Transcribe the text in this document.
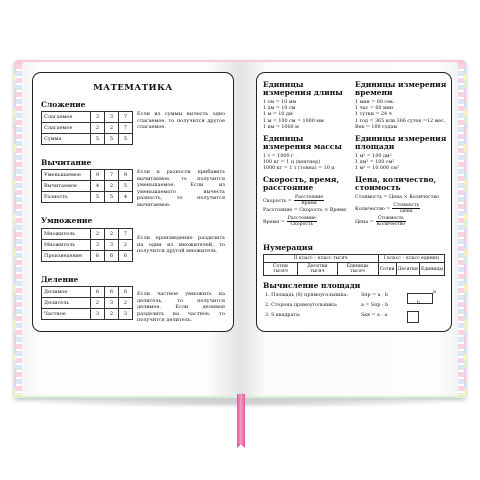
МАТЕМАТИКА
Сложение
Слагаемое	3	3	7
Слагаемое	2	2	7
Сумма	5	5	5
Если из суммы вычесть одно слагаемое, то получится другое слагаемое.
Вычитание
Уменьшаемое	9	7	9
Вычитаемое	4	2	5
Разность	5	5	4
Если к разности прибавить вычитаемое, то получится уменьшаемое. Если из уменьшаемого вычесть разность, то получится вычитаемое.
Умножение
Множитель	2	2	7
Множитель	3	3	2
Произведение	6	6	6
Если произведение разделить на один из множителей, то получится другой множитель.
Деление
Делимое	6	6	6
Делитель	2	3	2
Частное	3	2	3
Если частное умножить на делитель, то получится делимое. Если делимое разделить на частное, то получится делитель.
Единицы измерения длины
1 см = 10 мм
1 дм = 10 см
1 м = 10 дм
1 м = 100 см = 1000 мм
1 км = 1000 м
Единицы измерения времени
1 мин = 60 сек.
1 час = 60 мин
1 сутки = 24 ч
1 год = 365 или 366 суток =12 мес.
Век = 100 годам
Единицы измерения массы
1 т = 1000 г
100 кг = 1 ц (центнер)
1000 кг = 1 т (тонна) = 10 ц
Единицы измерения площади
1 м² = 100 дм²
1 дм² = 100 см²
1 м² = 10 000 см²
Скорость, время, расстояние
Скорость = $\frac{\text{Расстояние}}{\text{Время}}$
Расстояние = Скорость × Время
Время = $\frac{\text{Расстояние}}{\text{Скорость}}$
Цена, количество, стоимость
Стоимость = Цена × Количество
Количество = $\frac{\text{Стоимость}}{\text{Цена}}$
Цена = $\frac{\text{Стоимость}}{\text{Количество}}$
Нумерация
II класс – класс тысяч			I класс – класс единиц		
Сотни тысяч	Десятки тысяч	Единицы тысяч	Сотни	Десятки	Единицы
Вычисление площади
1. Площадь (S) прямоугольника:
2. Сторона прямоугольника:
3. S квадрата:
Sпр = a · b
a = Sпр : b
Sкв = a · a
a
b
